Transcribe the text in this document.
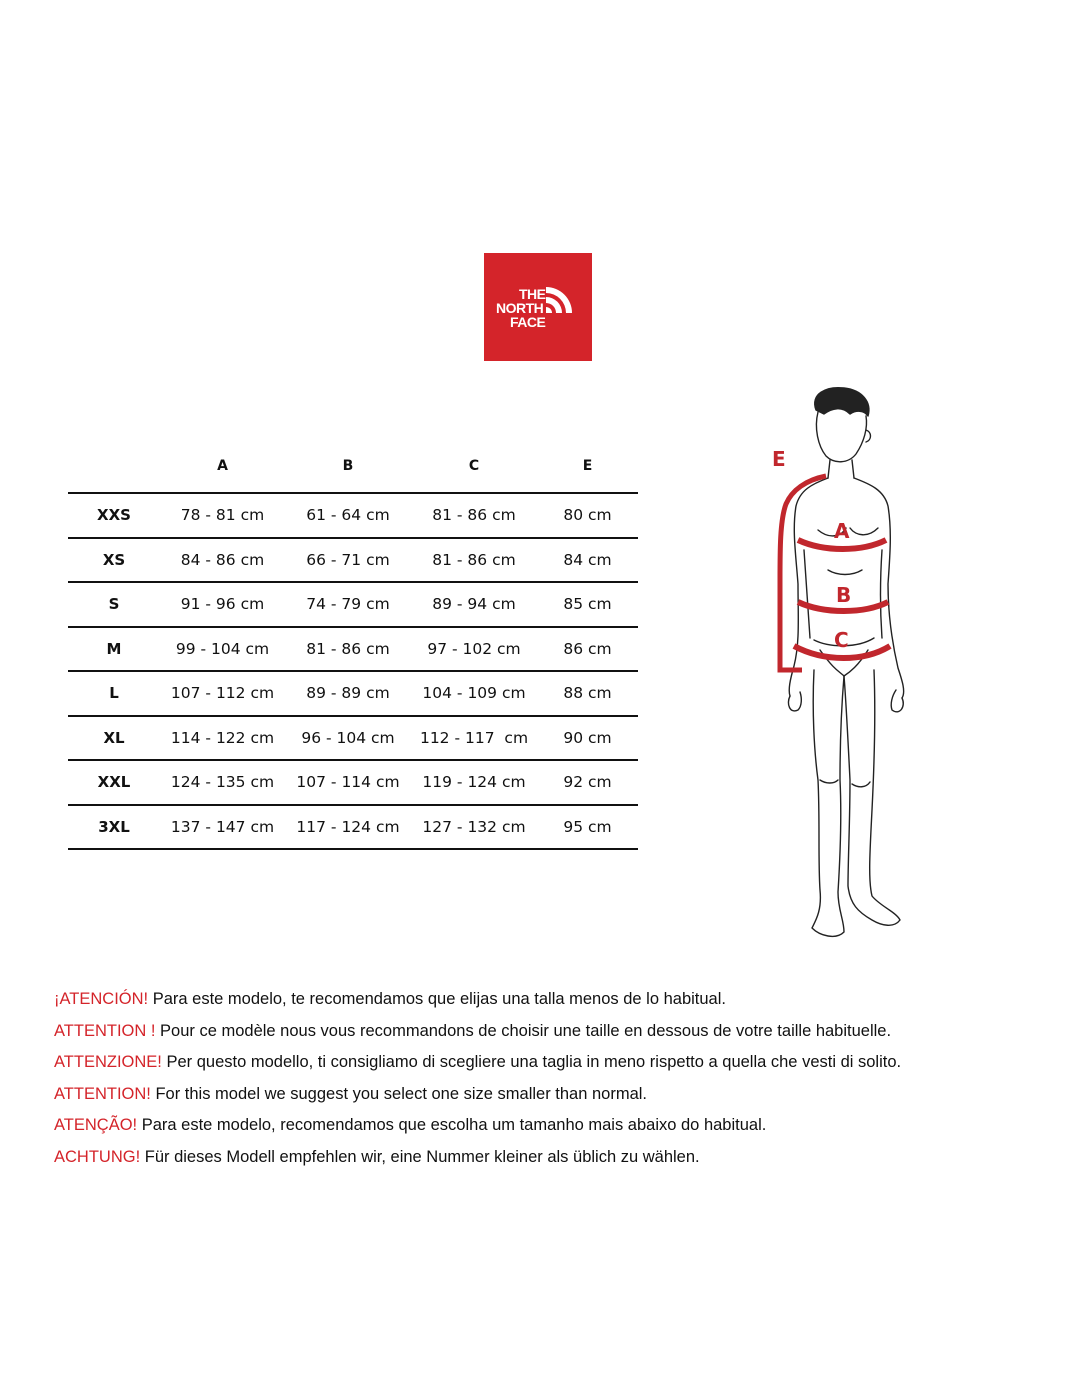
THE
NORTH
FACE
	A	B	C	E
XXS	78 - 81 cm	61 - 64 cm	81 - 86 cm	80 cm
XS	84 - 86 cm	66 - 71 cm	81 - 86 cm	84 cm
S	91 - 96 cm	74 - 79 cm	89 - 94 cm	85 cm
M	99 - 104 cm	81 - 86 cm	97 - 102 cm	86 cm
L	107 - 112 cm	89 - 89 cm	104 - 109 cm	88 cm
XL	114 - 122 cm	96 - 104 cm	112 - 117  cm	90 cm
XXL	124 - 135 cm	107 - 114 cm	119 - 124 cm	92 cm
3XL	137 - 147 cm	117 - 124 cm	127 - 132 cm	95 cm
E
A
B
C
¡ATENCIÓN! Para este modelo, te recomendamos que elijas una talla menos de lo habitual.
ATTENTION ! Pour ce modèle nous vous recommandons de choisir une taille en dessous de votre taille habituelle.
ATTENZIONE! Per questo modello, ti consigliamo di scegliere una taglia in meno rispetto a quella che vesti di solito.
ATTENTION! For this model we suggest you select one size smaller than normal.
ATENÇÃO! Para este modelo, recomendamos que escolha um tamanho mais abaixo do habitual.
ACHTUNG! Für dieses Modell empfehlen wir, eine Nummer kleiner als üblich zu wählen.
